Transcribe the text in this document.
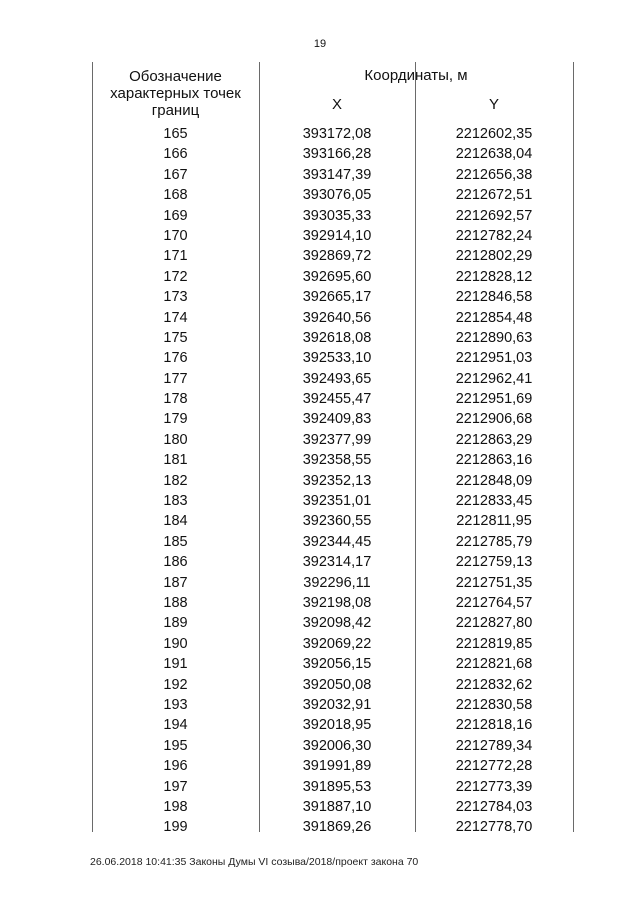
19
Обозначение характерных точек границ
Координаты, м
X	Y
165	393172,08	2212602,35
166	393166,28	2212638,04
167	393147,39	2212656,38
168	393076,05	2212672,51
169	393035,33	2212692,57
170	392914,10	2212782,24
171	392869,72	2212802,29
172	392695,60	2212828,12
173	392665,17	2212846,58
174	392640,56	2212854,48
175	392618,08	2212890,63
176	392533,10	2212951,03
177	392493,65	2212962,41
178	392455,47	2212951,69
179	392409,83	2212906,68
180	392377,99	2212863,29
181	392358,55	2212863,16
182	392352,13	2212848,09
183	392351,01	2212833,45
184	392360,55	2212811,95
185	392344,45	2212785,79
186	392314,17	2212759,13
187	392296,11	2212751,35
188	392198,08	2212764,57
189	392098,42	2212827,80
190	392069,22	2212819,85
191	392056,15	2212821,68
192	392050,08	2212832,62
193	392032,91	2212830,58
194	392018,95	2212818,16
195	392006,30	2212789,34
196	391991,89	2212772,28
197	391895,53	2212773,39
198	391887,10	2212784,03
199	391869,26	2212778,70
26.06.2018 10:41:35 Законы Думы VI созыва/2018/проект закона 70
